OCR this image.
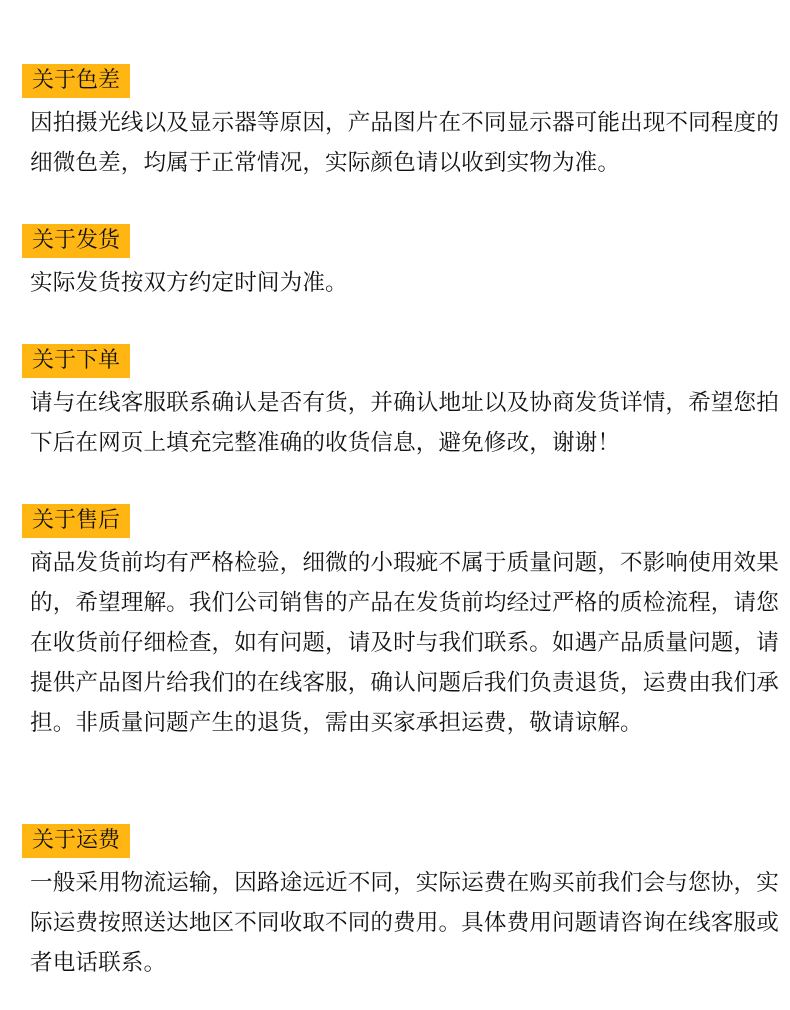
关于色差

因拍摄光线以及显示器等原因，产品图片在不同显示器可能出现不同程度的细微色差，均属于正常情况，实际颜色请以收到实物为准。

关于发货

实际发货按双方约定时间为准。

关于下单

请与在线客服联系确认是否有货，并确认地址以及协商发货详情，希望您拍下后在网页上填充完整准确的收货信息，避免修改，谢谢！

关于售后

商品发货前均有严格检验，细微的小瑕疵不属于质量问题，不影响使用效果的，希望理解。我们公司销售的产品在发货前均经过严格的质检流程，请您在收货前仔细检查，如有问题，请及时与我们联系。如遇产品质量问题，请提供产品图片给我们的在线客服，确认问题后我们负责退货，运费由我们承担。非质量问题产生的退货，需由买家承担运费，敬请谅解。

关于运费

一般采用物流运输，因路途远近不同，实际运费在购买前我们会与您协，实际运费按照送达地区不同收取不同的费用。具体费用问题请咨询在线客服或者电话联系。
